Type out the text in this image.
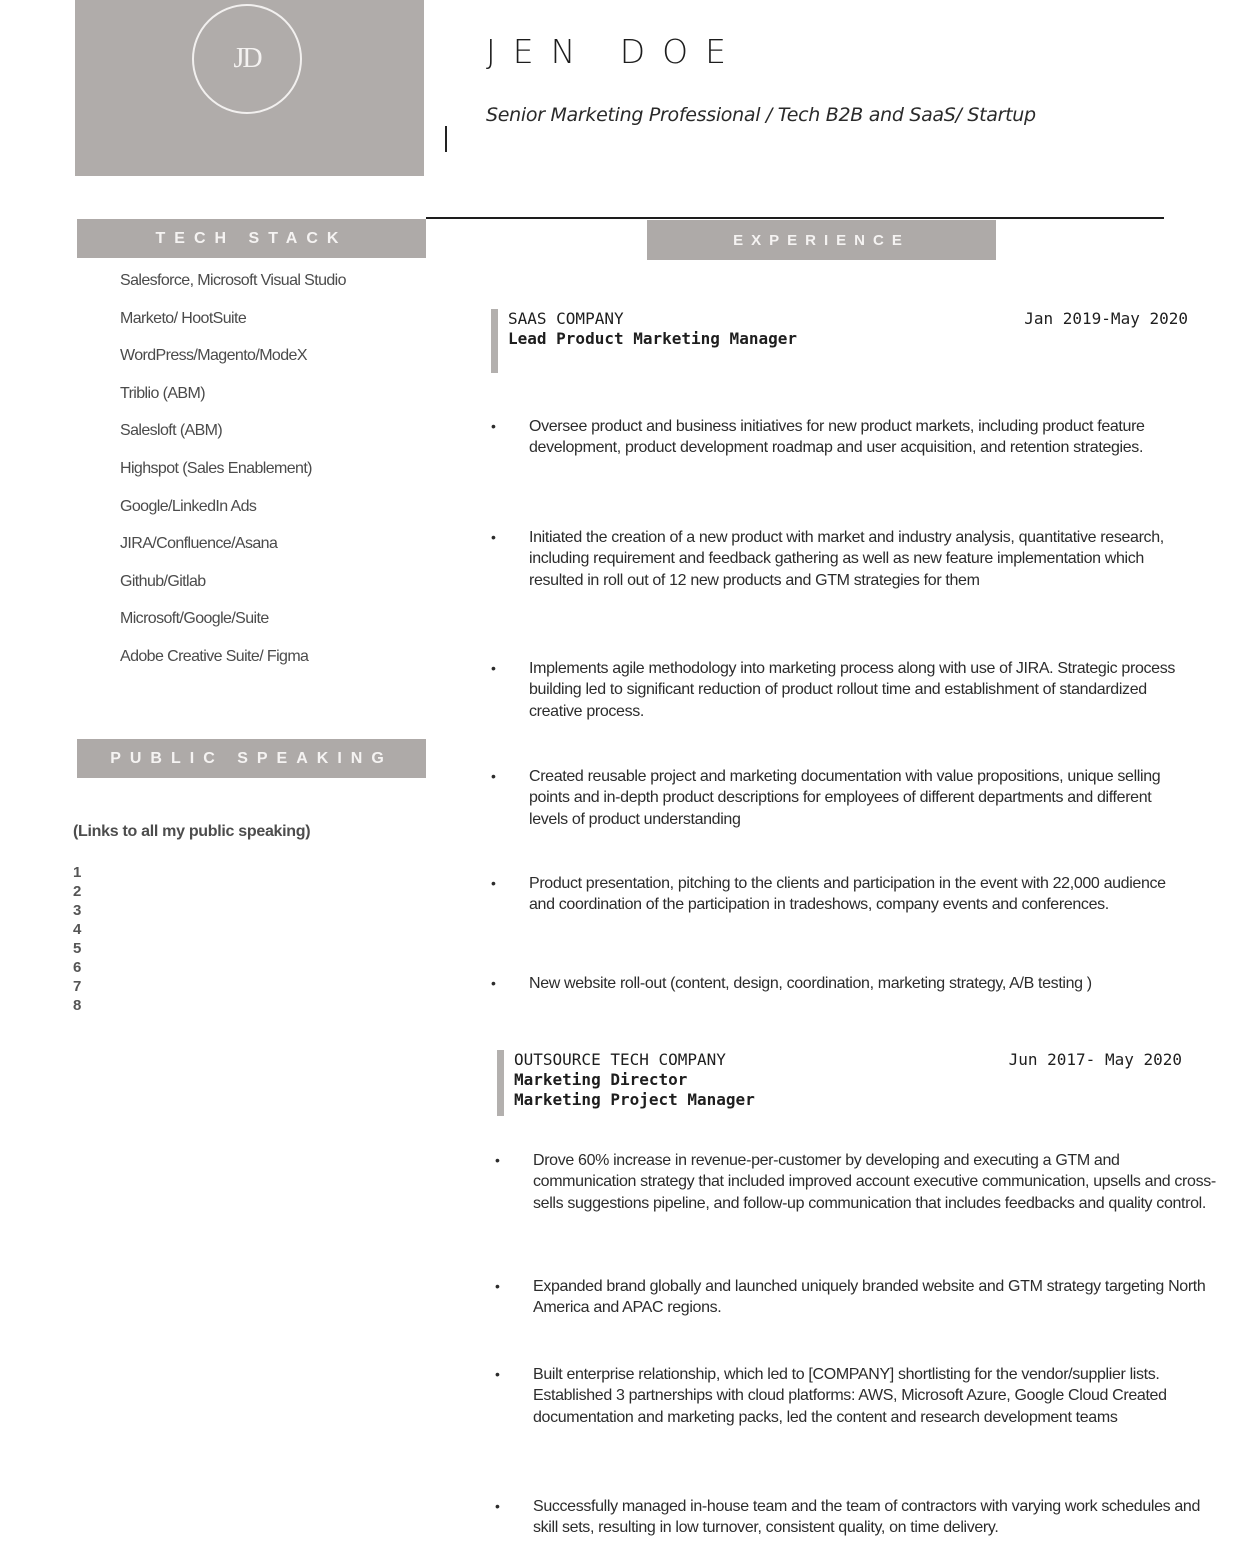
JD	JEN DOE
Senior Marketing Professional / Tech B2B and SaaS/ Startup
TECH STACK
Salesforce, Microsoft Visual Studio
Marketo/ HootSuite
WordPress/Magento/ModeX
Triblio (ABM)
Salesloft (ABM)
Highspot (Sales Enablement)
Google/LinkedIn Ads
JIRA/Confluence/Asana
Github/Gitlab
Microsoft/Google/Suite
Adobe Creative Suite/ Figma
PUBLIC SPEAKING
(Links to all my public speaking)
1
2
3
4
5
6
7
8
EXPERIENCE
SAAS COMPANY
Lead Product Marketing Manager
Jan 2019-May 2020
• Oversee product and business initiatives for new product markets, including product feature development, product development roadmap and user acquisition, and retention strategies.
• Initiated the creation of a new product with market and industry analysis, quantitative research, including requirement and feedback gathering as well as new feature implementation which resulted in roll out of 12 new products and GTM strategies for them
• Implements agile methodology into marketing process along with use of JIRA. Strategic process building led to significant reduction of product rollout time and establishment of standardized creative process.
• Created reusable project and marketing documentation with value propositions, unique selling points and in-depth product descriptions for employees of different departments and different levels of product understanding
• Product presentation, pitching to the clients and participation in the event with 22,000 audience and coordination of the participation in tradeshows, company events and conferences.
• New website roll-out (content, design, coordination, marketing strategy, A/B testing )
OUTSOURCE TECH COMPANY
Marketing Director
Marketing Project Manager
Jun 2017- May 2020
• Drove 60% increase in revenue-per-customer by developing and executing a GTM and communication strategy that included improved account executive communication, upsells and cross-sells suggestions pipeline, and follow-up communication that includes feedbacks and quality control.
• Expanded brand globally and launched uniquely branded website and GTM strategy targeting North America and APAC regions.
• Built enterprise relationship, which led to [COMPANY] shortlisting for the vendor/supplier lists. Established 3 partnerships with cloud platforms: AWS, Microsoft Azure, Google Cloud Created documentation and marketing packs, led the content and research development teams
• Successfully managed in-house team and the team of contractors with varying work schedules and skill sets, resulting in low turnover, consistent quality, on time delivery.
